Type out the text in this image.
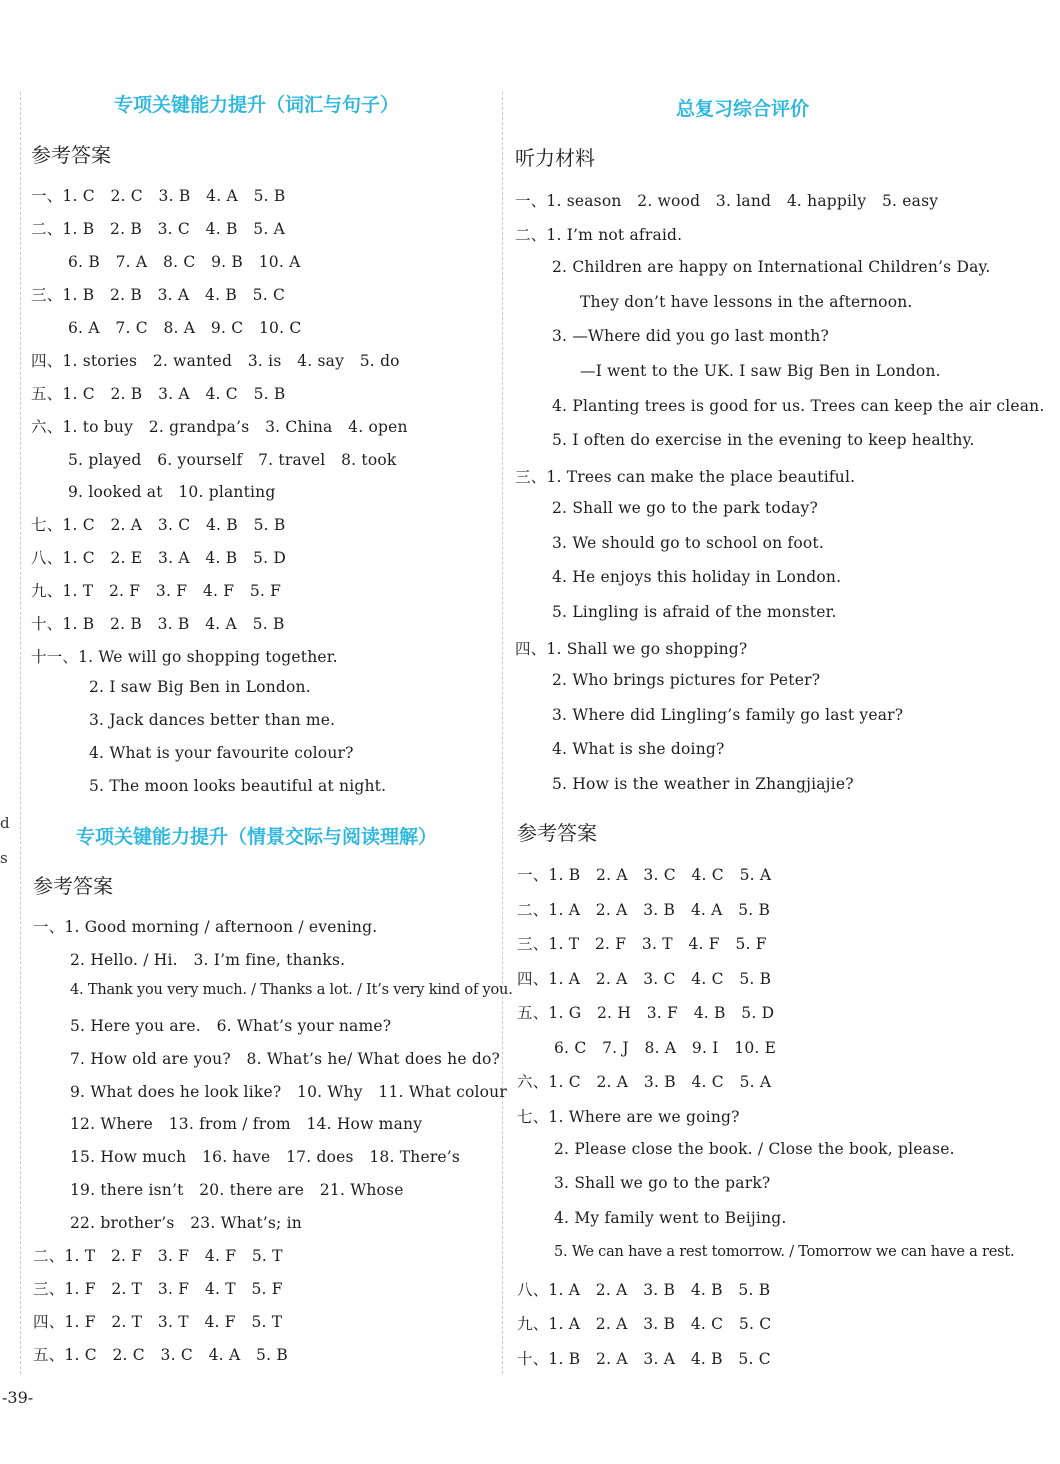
d
s
专项关键能力提升（词汇与句子）
参考答案
一、1. C　2. C　3. B　4. A　5. B
二、1. B　2. B　3. C　4. B　5. A
6. B　7. A　8. C　9. B　10. A
三、1. B　2. B　3. A　4. B　5. C
6. A　7. C　8. A　9. C　10. C
四、1. stories　2. wanted　3. is　4. say　5. do
五、1. C　2. B　3. A　4. C　5. B
六、1. to buy　2. grandpa’s　3. China　4. open
5. played　6. yourself　7. travel　8. took
9. looked at　10. planting
七、1. C　2. A　3. C　4. B　5. B
八、1. C　2. E　3. A　4. B　5. D
九、1. T　2. F　3. F　4. F　5. F
十、1. B　2. B　3. B　4. A　5. B
十一、1. We will go shopping together.
2. I saw Big Ben in London.
3. Jack dances better than me.
4. What is your favourite colour?
5. The moon looks beautiful at night.
专项关键能力提升（情景交际与阅读理解）
参考答案
一、1. Good morning / afternoon / evening.
2. Hello. / Hi.　3. I’m fine, thanks.
4. Thank you very much. / Thanks a lot. / It’s very kind of you.
5. Here you are.　6. What’s your name?
7. How old are you?　8. What’s he/ What does he do?
9. What does he look like?　10. Why　11. What colour
12. Where　13. from / from　14. How many
15. How much　16. have　17. does　18. There’s
19. there isn’t　20. there are　21. Whose
22. brother’s　23. What’s; in
二、1. T　2. F　3. F　4. F　5. T
三、1. F　2. T　3. F　4. T　5. F
四、1. F　2. T　3. T　4. F　5. T
五、1. C　2. C　3. C　4. A　5. B
总复习综合评价
听力材料
一、1. season　2. wood　3. land　4. happily　5. easy
二、1. I’m not afraid.
2. Children are happy on International Children’s Day.
They don’t have lessons in the afternoon.
3. —Where did you go last month?
—I went to the UK. I saw Big Ben in London.
4. Planting trees is good for us. Trees can keep the air clean.
5. I often do exercise in the evening to keep healthy.
三、1. Trees can make the place beautiful.
2. Shall we go to the park today?
3. We should go to school on foot.
4. He enjoys this holiday in London.
5. Lingling is afraid of the monster.
四、1. Shall we go shopping?
2. Who brings pictures for Peter?
3. Where did Lingling’s family go last year?
4. What is she doing?
5. How is the weather in Zhangjiajie?
参考答案
一、1. B　2. A　3. C　4. C　5. A
二、1. A　2. A　3. B　4. A　5. B
三、1. T　2. F　3. T　4. F　5. F
四、1. A　2. A　3. C　4. C　5. B
五、1. G　2. H　3. F　4. B　5. D
6. C　7. J　8. A　9. I　10. E
六、1. C　2. A　3. B　4. C　5. A
七、1. Where are we going?
2. Please close the book. / Close the book, please.
3. Shall we go to the park?
4. My family went to Beijing.
5. We can have a rest tomorrow. / Tomorrow we can have a rest.
八、1. A　2. A　3. B　4. B　5. B
九、1. A　2. A　3. B　4. C　5. C
十、1. B　2. A　3. A　4. B　5. C
-39-
